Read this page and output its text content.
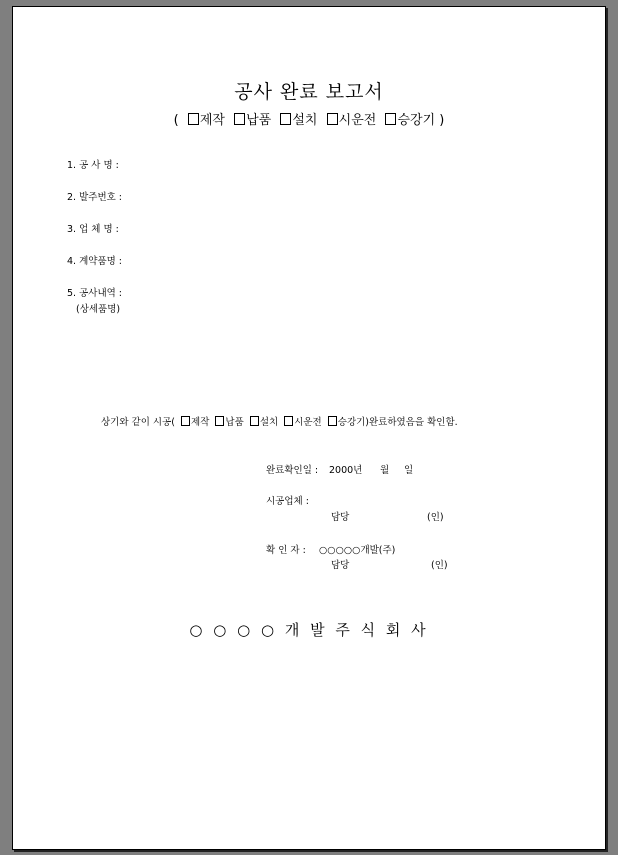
공사 완료 보고서
( 제작 납품 설치 시운전 승강기 )
1. 공 사 명 :
2. 발주번호 :
3. 업 체 명 :
4. 계약품명 :
5. 공사내역 :
(상세품명)
상기와 같이 시공( 제작 납품 설치 시운전 승강기)완료하였음을 확인함.
완료확인일 : 2000년 월 일
시공업체 :
담당	(인)
확 인 자 : ○○○○○개발(주)
담당	(인)
○ ○ ○ ○ 개 발 주 식 회 사
